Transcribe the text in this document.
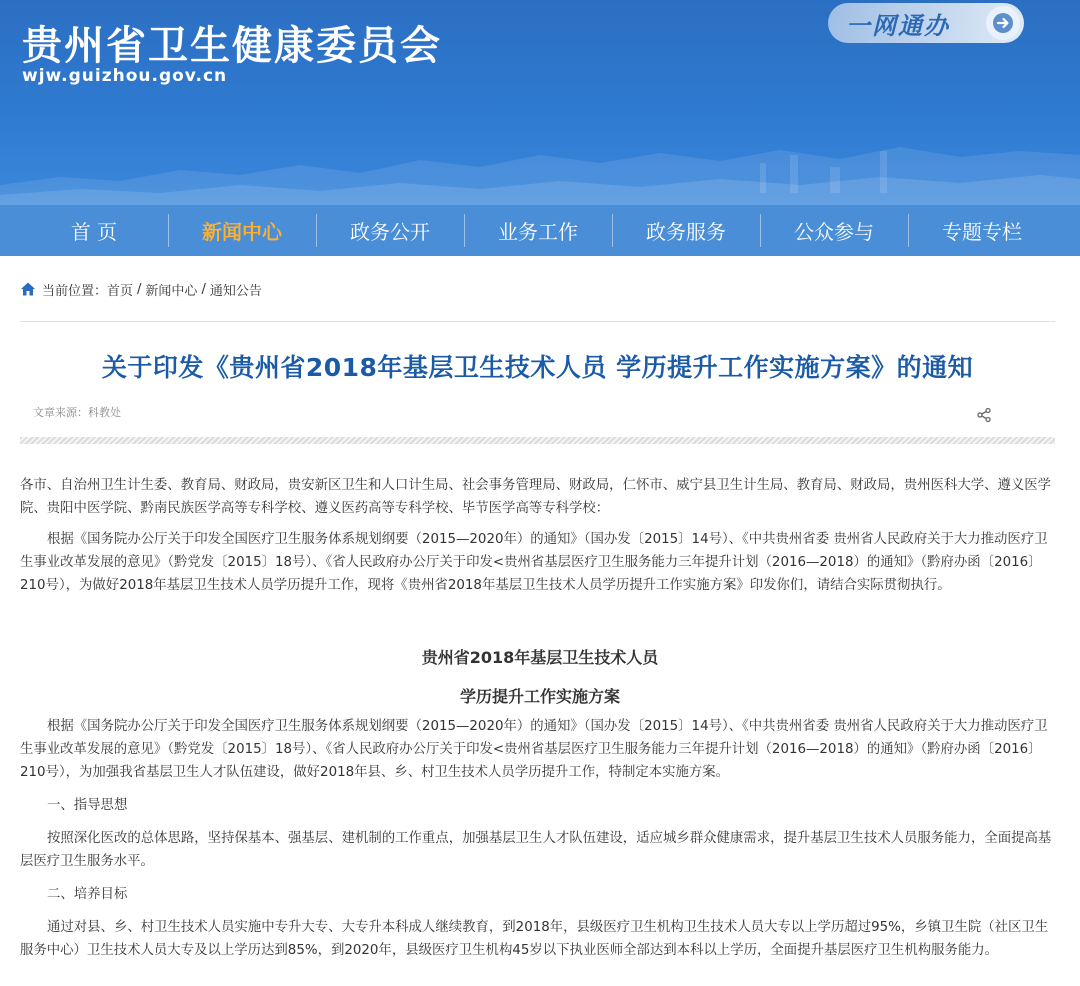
贵州省卫生健康委员会
wjw.guizhou.gov.cn
一网通办
首 页	新闻中心	政务公开	业务工作	政务服务	公众参与	专题专栏
当前位置： 首页 / 新闻中心 / 通知公告
关于印发《贵州省2018年基层卫生技术人员 学历提升工作实施方案》的通知
文章来源：科教处

各市、自治州卫生计生委、教育局、财政局，贵安新区卫生和人口计生局、社会事务管理局、财政局，仁怀市、威宁县卫生计生局、教育局、财政局，贵州医科大学、遵义医学院、贵阳中医学院、黔南民族医学高等专科学校、遵义医药高等专科学校、毕节医学高等专科学校：

根据《国务院办公厅关于印发全国医疗卫生服务体系规划纲要（2015—2020年）的通知》（国办发〔2015〕14号）、《中共贵州省委 贵州省人民政府关于大力推动医疗卫生事业改革发展的意见》（黔党发〔2015〕18号）、《省人民政府办公厅关于印发<贵州省基层医疗卫生服务能力三年提升计划（2016—2018）的通知》（黔府办函〔2016〕210号），为做好2018年基层卫生技术人员学历提升工作，现将《贵州省2018年基层卫生技术人员学历提升工作实施方案》印发你们，请结合实际贯彻执行。

贵州省2018年基层卫生技术人员

学历提升工作实施方案

根据《国务院办公厅关于印发全国医疗卫生服务体系规划纲要（2015—2020年）的通知》（国办发〔2015〕14号）、《中共贵州省委 贵州省人民政府关于大力推动医疗卫生事业改革发展的意见》（黔党发〔2015〕18号）、《省人民政府办公厅关于印发<贵州省基层医疗卫生服务能力三年提升计划（2016—2018）的通知》（黔府办函〔2016〕210号），为加强我省基层卫生人才队伍建设，做好2018年县、乡、村卫生技术人员学历提升工作，特制定本实施方案。

一、指导思想

按照深化医改的总体思路，坚持保基本、强基层、建机制的工作重点，加强基层卫生人才队伍建设，适应城乡群众健康需求，提升基层卫生技术人员服务能力，全面提高基层医疗卫生服务水平。

二、培养目标

通过对县、乡、村卫生技术人员实施中专升大专、大专升本科成人继续教育，到2018年，县级医疗卫生机构卫生技术人员大专以上学历超过95%，乡镇卫生院（社区卫生服务中心）卫生技术人员大专及以上学历达到85%，到2020年，县级医疗卫生机构45岁以下执业医师全部达到本科以上学历，全面提升基层医疗卫生机构服务能力。
